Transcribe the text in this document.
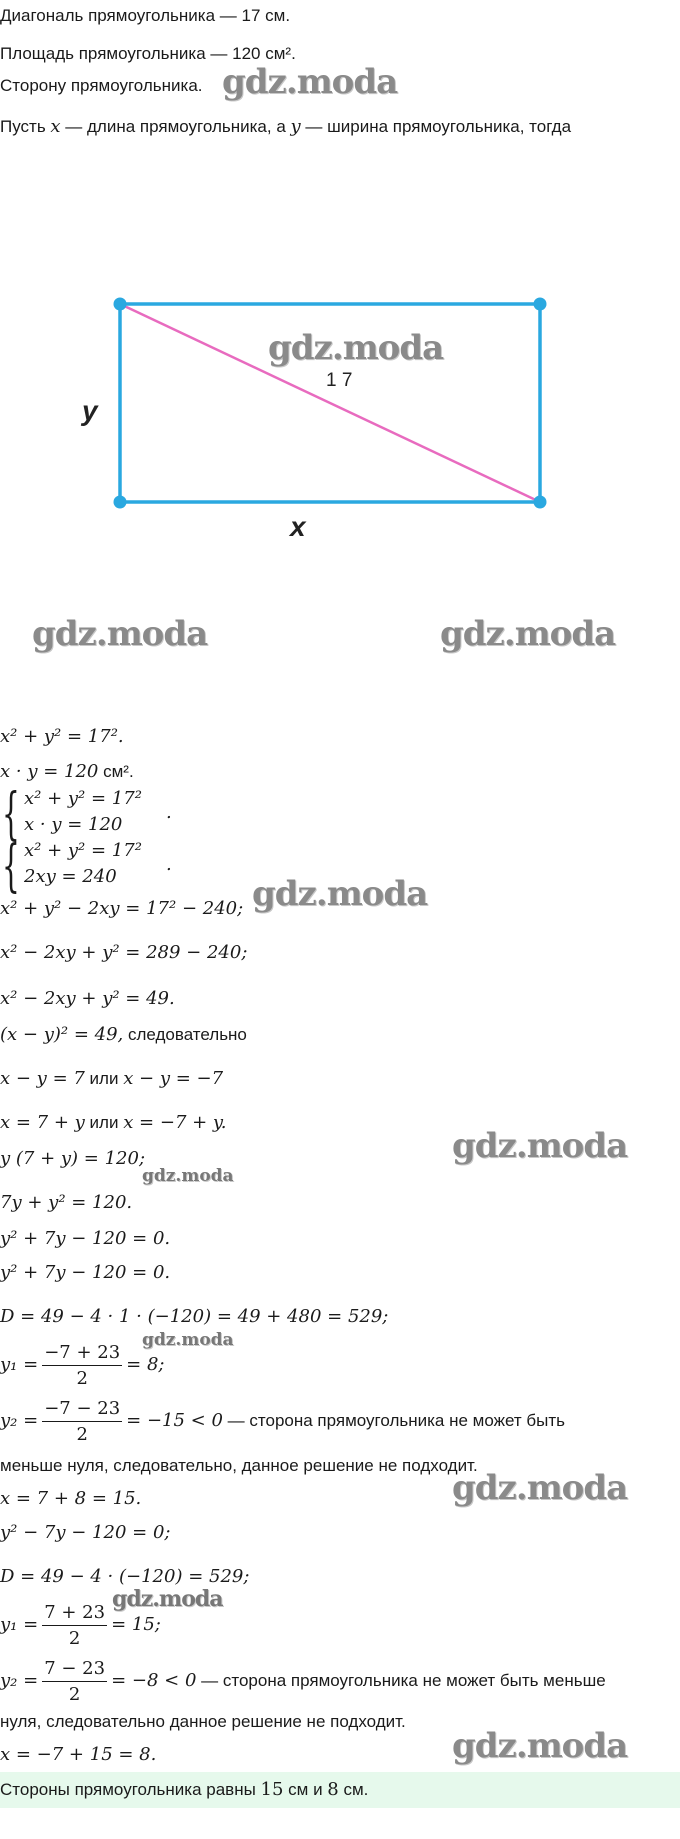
Диагональ прямоугольника — 17 см.
Площадь прямоугольника — 120 см².
Сторону прямоугольника. gdz.moda
Пусть x — длина прямоугольника, а y — ширина прямоугольника, тогда
y
x
1 7
gdz.moda
gdz.moda	gdz.moda
x² + y² = 17².
x · y = 120 см².
{ x² + y² = 17²
x · y = 120
.
{ x² + y² = 17²
2xy = 240
.
x² + y² − 2xy = 17² − 240; gdz.moda
x² − 2xy + y² = 289 − 240;
x² − 2xy + y² = 49.
(x − y)² = 49, следовательно
x − y = 7 или x − y = −7
x = 7 + y или x = −7 + y.
gdz.moda
y (7 + y) = 120;
gdz.moda
7y + y² = 120.
y² + 7y − 120 = 0.
y² + 7y − 120 = 0.
D = 49 − 4 · 1 · (−120) = 49 + 480 = 529;
gdz.moda
$y_1 = \frac{-7 + 23}{2} = 8$;
$y_2 = \frac{-7 - 23}{2} = -15 < 0$ — сторона прямоугольника не может быть
меньше нуля, следовательно, данное решение не подходит.
x = 7 + 8 = 15.	gdz.moda
y² − 7y − 120 = 0;
D = 49 − 4 · (−120) = 529;
gdz.moda
$y_1 = \frac{7 + 23}{2} = 15$;
$y_2 = \frac{7 - 23}{2} = -8 < 0$ — сторона прямоугольника не может быть меньше
нуля, следовательно данное решение не подходит.
x = −7 + 15 = 8.	gdz.moda
Стороны прямоугольника равны 15 см и 8 см.
